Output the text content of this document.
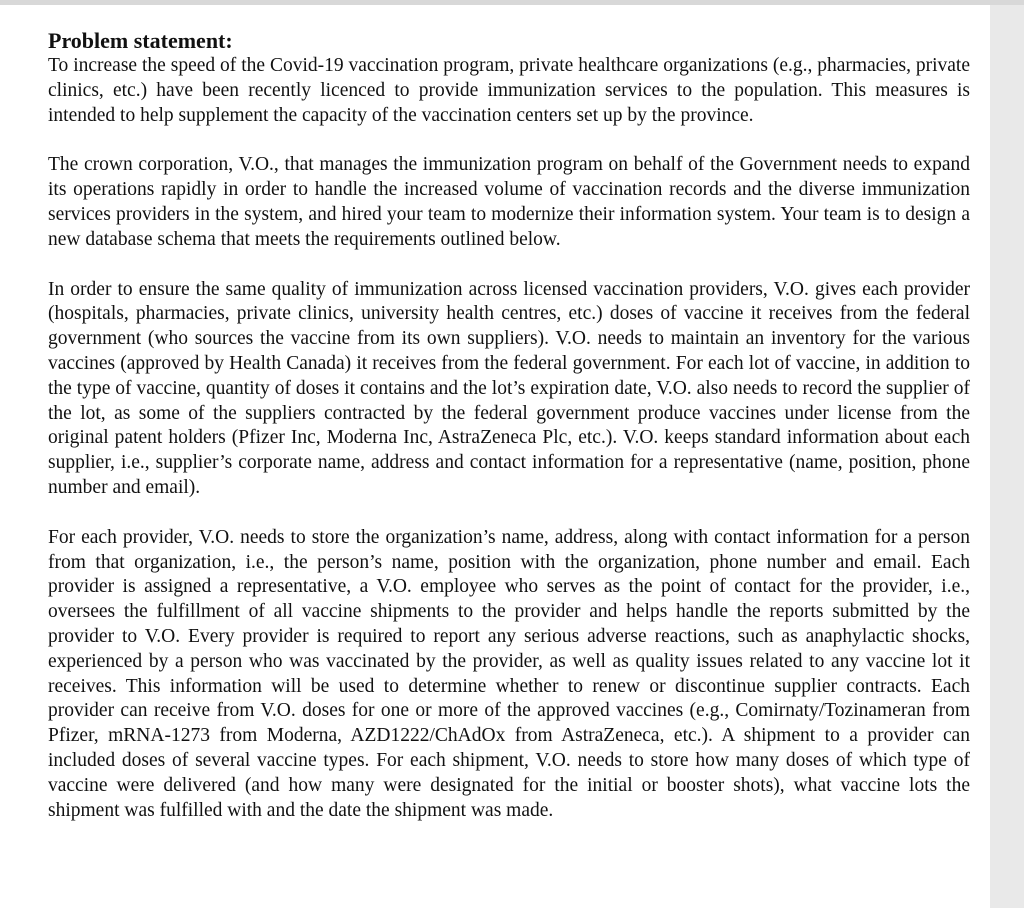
Problem statement:

To increase the speed of the Covid-19 vaccination program, private healthcare organizations (e.g., pharmacies, private clinics, etc.) have been recently licenced to provide immunization services to the population. This measures is intended to help supplement the capacity of the vaccination centers set up by the province.

The crown corporation, V.O., that manages the immunization program on behalf of the Government needs to expand its operations rapidly in order to handle the increased volume of vaccination records and the diverse immunization services providers in the system, and hired your team to modernize their information system. Your team is to design a new database schema that meets the requirements outlined below.

In order to ensure the same quality of immunization across licensed vaccination providers, V.O. gives each provider (hospitals, pharmacies, private clinics, university health centres, etc.) doses of vaccine it receives from the federal government (who sources the vaccine from its own suppliers). V.O. needs to maintain an inventory for the various vaccines (approved by Health Canada) it receives from the federal government. For each lot of vaccine, in addition to the type of vaccine, quantity of doses it contains and the lot’s expiration date, V.O. also needs to record the supplier of the lot, as some of the suppliers contracted by the federal government produce vaccines under license from the original patent holders (Pfizer Inc, Moderna Inc, AstraZeneca Plc, etc.). V.O. keeps standard information about each supplier, i.e., supplier’s corporate name, address and contact information for a representative (name, position, phone number and email).

For each provider, V.O. needs to store the organization’s name, address, along with contact information for a person from that organization, i.e., the person’s name, position with the organization, phone number and email. Each provider is assigned a representative, a V.O. employee who serves as the point of contact for the provider, i.e., oversees the fulfillment of all vaccine shipments to the provider and helps handle the reports submitted by the provider to V.O. Every provider is required to report any serious adverse reactions, such as anaphylactic shocks, experienced by a person who was vaccinated by the provider, as well as quality issues related to any vaccine lot it receives. This information will be used to determine whether to renew or discontinue supplier contracts. Each provider can receive from V.O. doses for one or more of the approved vaccines (e.g., Comirnaty/Tozinameran from Pfizer, mRNA-1273 from Moderna, AZD1222/ChAdOx from AstraZeneca, etc.). A shipment to a provider can included doses of several vaccine types. For each shipment, V.O. needs to store how many doses of which type of vaccine were delivered (and how many were designated for the initial or booster shots), what vaccine lots the shipment was fulfilled with and the date the shipment was made.
